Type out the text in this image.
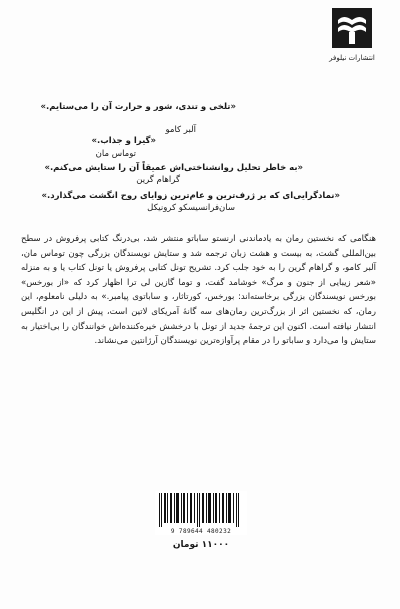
انتشارات نیلوفر
«تلخی و تندی، شور و حرارت آن را می‌ستایم.»
آلبر کامو
«گیرا و جذاب.»
توماس مان
«به خاطر تحلیل روانشناختی‌اش عمیقاً آن را ستایش می‌کنم.»
گراهام گرین
«نمادگرایی‌ای که بر ژرف‌ترین و عام‌ترین زوایای روح انگشت می‌گذارد.»
سان‌فرانسیسکو کرونیکل
هنگامی که نخستین رمان به یادماندنی ارنستو ساباتو منتشر شد، بی‌درنگ کتابی پرفروش در سطح بین‌المللی گشت، به بیست و هشت زبان ترجمه شد و ستایش نویسندگان بزرگی چون توماس مان، آلبر کامو، و گراهام گرین را به خود جلب کرد. تشریح تونل کتابی پرفروش یا تونل کتاب یا و به منزله «شعر زیبایی از جنون و مرگ» خوشامد گفت، و توما گازین لی ترا اظهار کرد که «از بورخس» بورخس نویسندگان بزرگی برخاسته‌اند: بورخس، کورتاثار، و ساباتوی پیامبر.» به دلیلی نامعلوم، این رمان، که نخستین اثر از بزرگ‌ترین رمان‌های سه گانهٔ آمریکای لاتین است، پیش از این در انگلیس انتشار نیافته است. اکنون این ترجمهٔ جدید از تونل با درخشش خیره‌کننده‌اش خوانندگان را بی‌اختیار به ستایش وا می‌دارد و ساباتو را در مقام پرآوازه‌ترین نویسندگان آرژانتین می‌نشاند.
9 789644 480232
۱۱۰۰۰ تومان
